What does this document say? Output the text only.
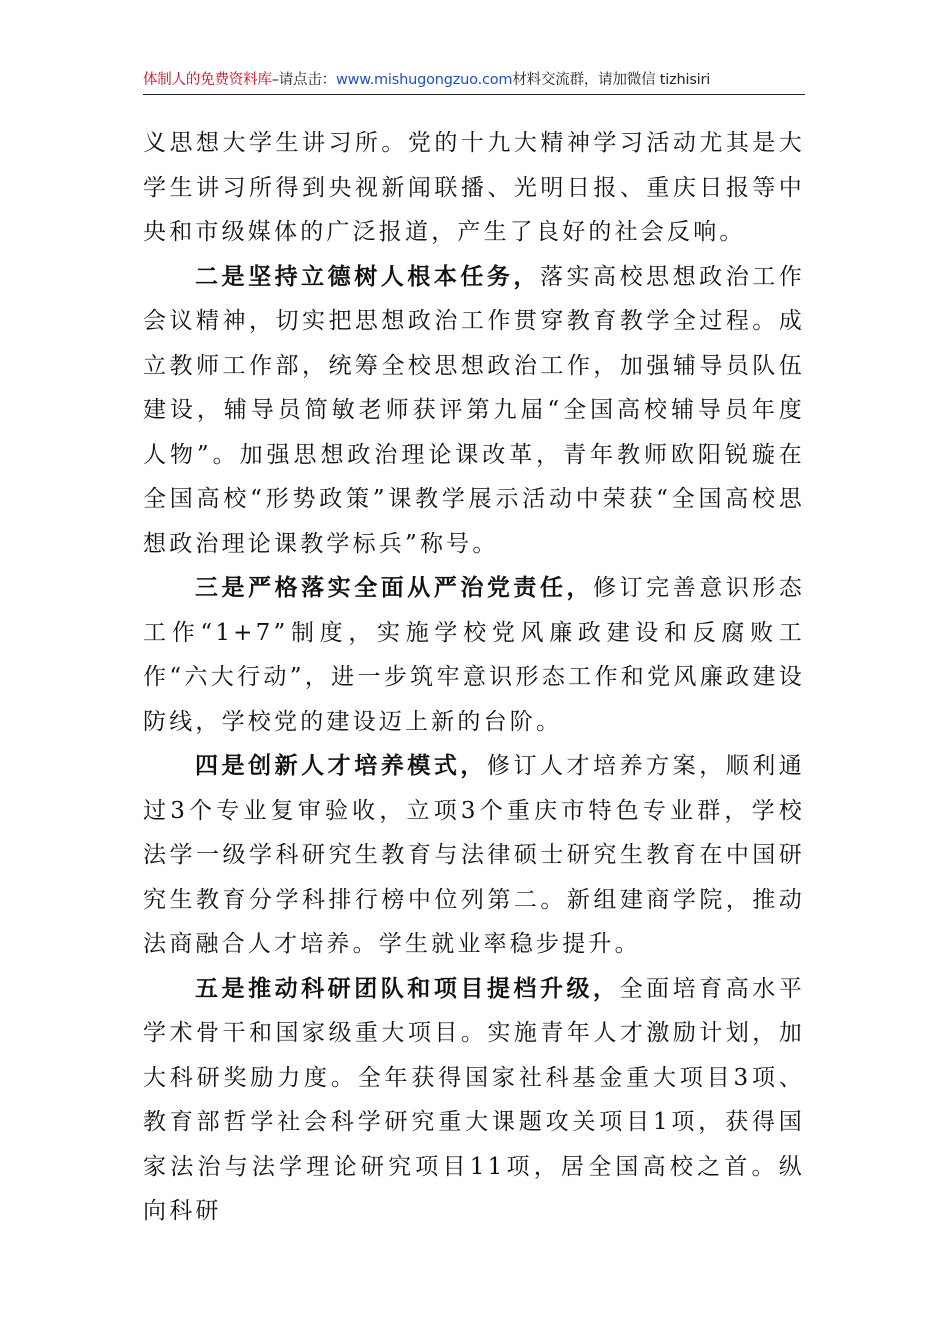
体制人的免费资料库–请点击：www.mishugongzuo.com材料交流群，请加微信 tizhisiri

义思想大学生讲习所。党的十九大精神学习活动尤其是大学生讲习所得到央视新闻联播、光明日报、重庆日报等中央和市级媒体的广泛报道，产生了良好的社会反响。

二是坚持立德树人根本任务，落实高校思想政治工作会议精神，切实把思想政治工作贯穿教育教学全过程。成立教师工作部，统筹全校思想政治工作，加强辅导员队伍建设，辅导员简敏老师获评第九届“全国高校辅导员年度人物”。加强思想政治理论课改革，青年教师欧阳锐璇在全国高校“形势政策”课教学展示活动中荣获“全国高校思想政治理论课教学标兵”称号。

三是严格落实全面从严治党责任，修订完善意识形态工作“1+7”制度，实施学校党风廉政建设和反腐败工作“六大行动”，进一步筑牢意识形态工作和党风廉政建设防线，学校党的建设迈上新的台阶。

四是创新人才培养模式，修订人才培养方案，顺利通过3个专业复审验收，立项3个重庆市特色专业群，学校法学一级学科研究生教育与法律硕士研究生教育在中国研究生教育分学科排行榜中位列第二。新组建商学院，推动法商融合人才培养。学生就业率稳步提升。

五是推动科研团队和项目提档升级，全面培育高水平学术骨干和国家级重大项目。实施青年人才激励计划，加大科研奖励力度。全年获得国家社科基金重大项目3项、教育部哲学社会科学研究重大课题攻关项目1项，获得国家法治与法学理论研究项目11项，居全国高校之首。纵向科研
